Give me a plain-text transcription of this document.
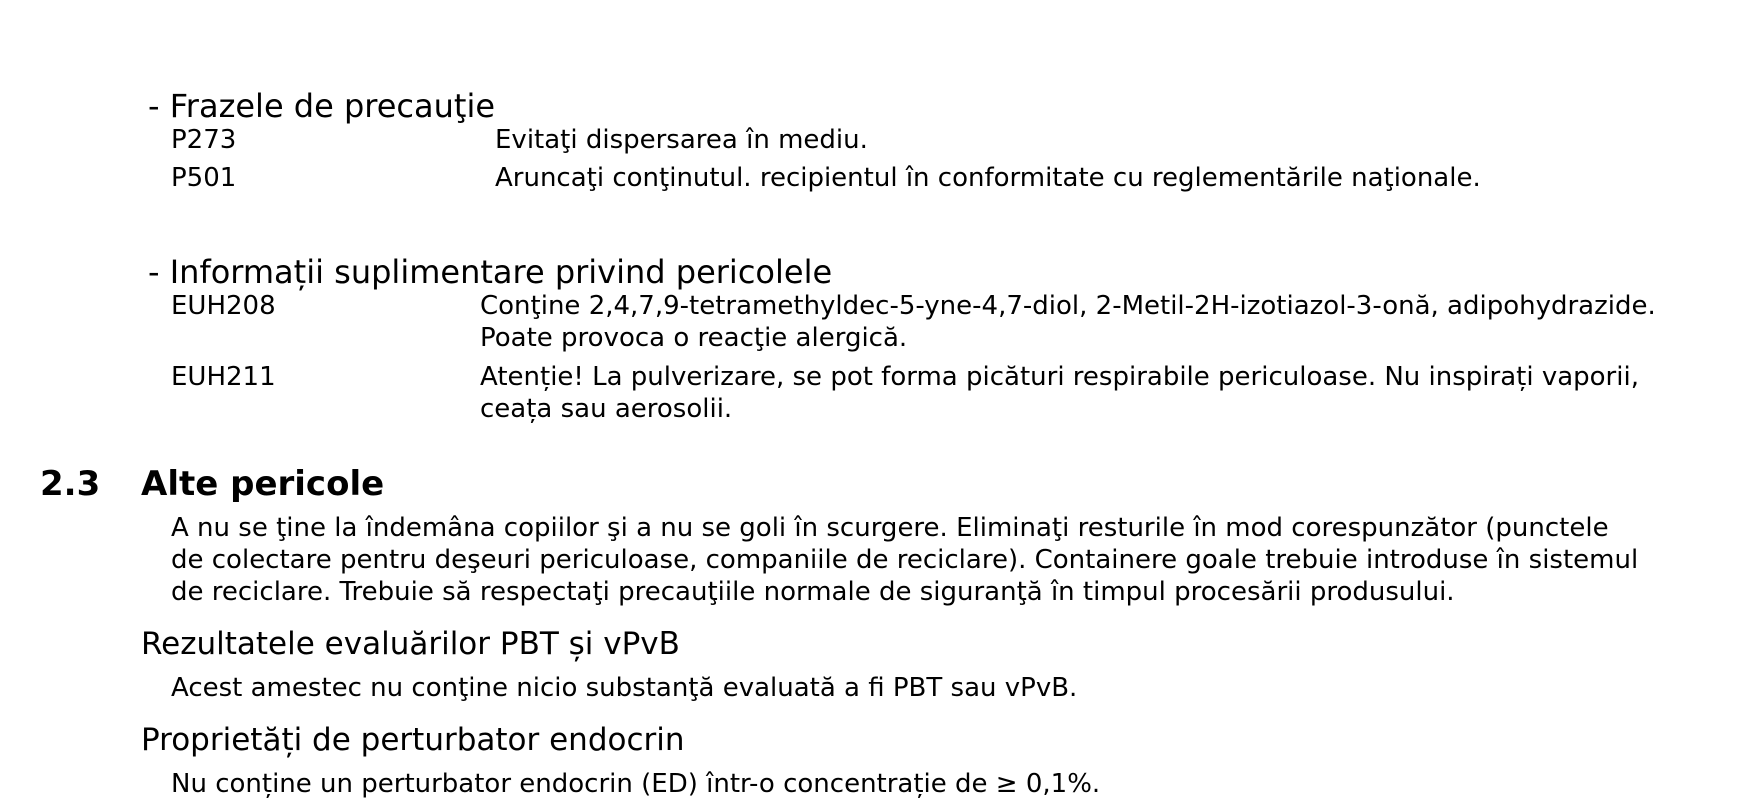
- Frazele de precauţie
P273	Evitaţi dispersarea în mediu.
P501	Aruncaţi conţinutul. recipientul în conformitate cu reglementările naţionale.
- Informații suplimentare privind pericolele
EUH208	Conţine 2,4,7,9-tetramethyldec-5-yne-4,7-diol, 2-Metil-2H-izotiazol-3-onă, adipohydrazide.
Poate provoca o reacţie alergică.
EUH211	Atenție! La pulverizare, se pot forma picături respirabile periculoase. Nu inspirați vaporii,
ceața sau aerosolii.
2.3 Alte pericole
A nu se ţine la îndemâna copiilor şi a nu se goli în scurgere. Eliminaţi resturile în mod corespunzător (punctele
de colectare pentru deşeuri periculoase, companiile de reciclare). Containere goale trebuie introduse în sistemul
de reciclare. Trebuie să respectaţi precauţiile normale de siguranţă în timpul procesării produsului.
Rezultatele evaluărilor PBT și vPvB
Acest amestec nu conţine nicio substanţă evaluată a fi PBT sau vPvB.
Proprietăți de perturbator endocrin
Nu conține un perturbator endocrin (ED) într-o concentrație de ≥ 0,1%.
